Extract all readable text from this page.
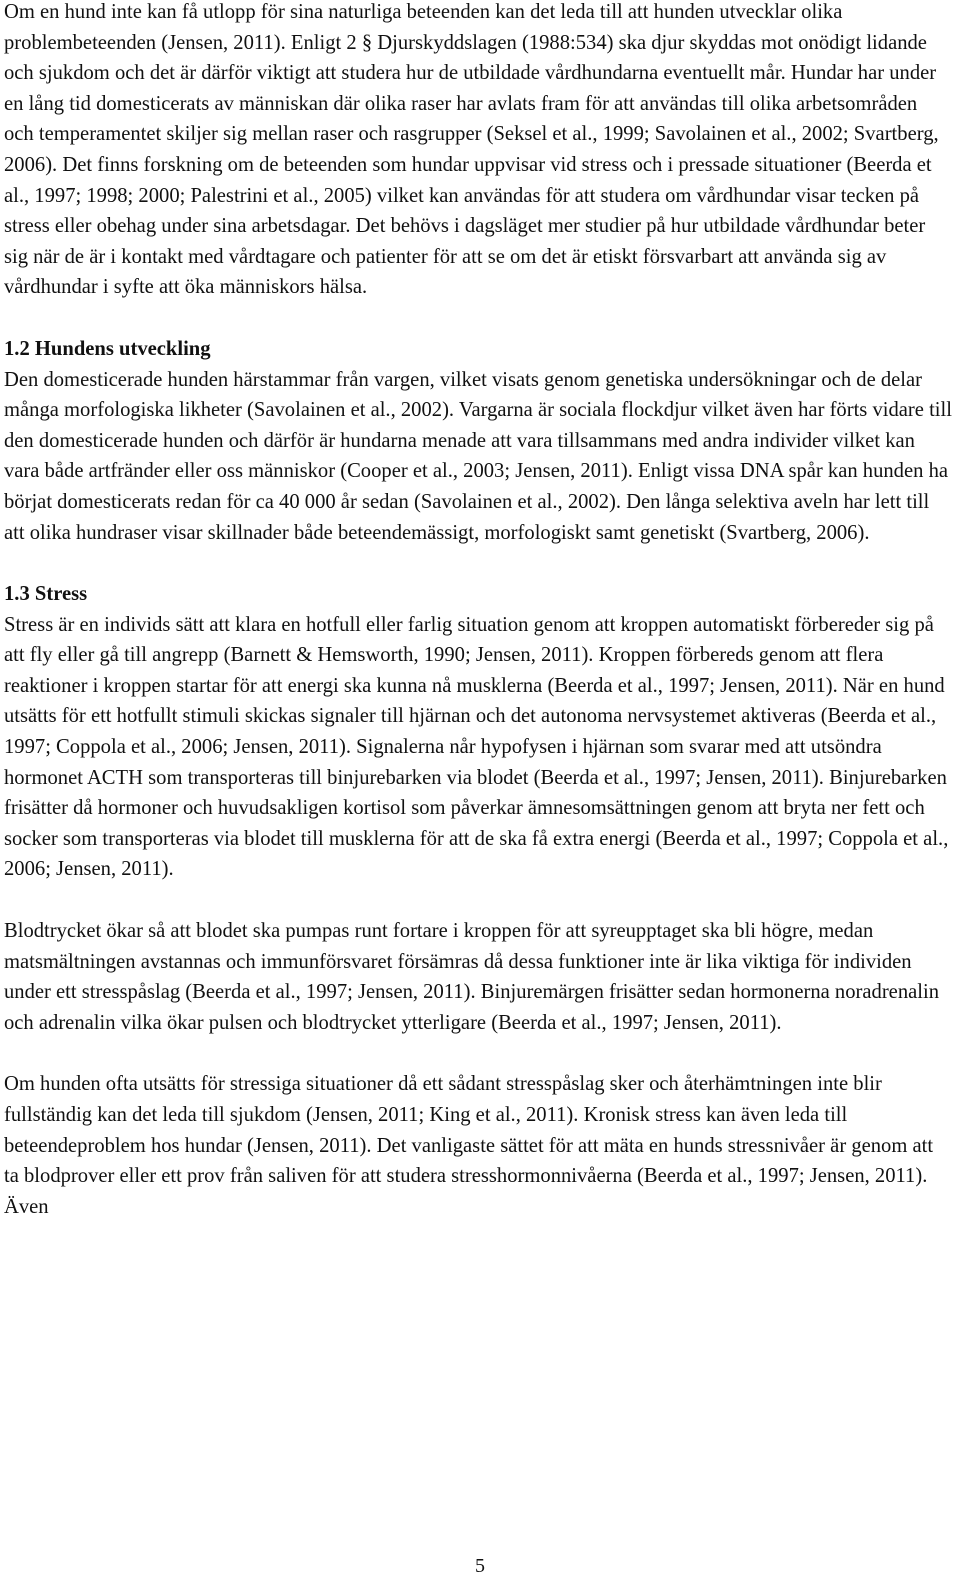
Om en hund inte kan få utlopp för sina naturliga beteenden kan det leda till att hunden utvecklar olika problembeteenden (Jensen, 2011). Enligt 2 § Djurskyddslagen (1988:534) ska djur skyddas mot onödigt lidande och sjukdom och det är därför viktigt att studera hur de utbildade vårdhundarna eventuellt mår. Hundar har under en lång tid domesticerats av människan där olika raser har avlats fram för att användas till olika arbetsområden och temperamentet skiljer sig mellan raser och rasgrupper (Seksel et al., 1999; Savolainen et al., 2002; Svartberg, 2006). Det finns forskning om de beteenden som hundar uppvisar vid stress och i pressade situationer (Beerda et al., 1997; 1998; 2000; Palestrini et al., 2005) vilket kan användas för att studera om vårdhundar visar tecken på stress eller obehag under sina arbetsdagar. Det behövs i dagsläget mer studier på hur utbildade vårdhundar beter sig när de är i kontakt med vårdtagare och patienter för att se om det är etiskt försvarbart att använda sig av vårdhundar i syfte att öka människors hälsa.

1.2 Hundens utveckling

Den domesticerade hunden härstammar från vargen, vilket visats genom genetiska undersökningar och de delar många morfologiska likheter (Savolainen et al., 2002). Vargarna är sociala flockdjur vilket även har förts vidare till den domesticerade hunden och därför är hundarna menade att vara tillsammans med andra individer vilket kan vara både artfränder eller oss människor (Cooper et al., 2003; Jensen, 2011). Enligt vissa DNA spår kan hunden ha börjat domesticerats redan för ca 40 000 år sedan (Savolainen et al., 2002). Den långa selektiva aveln har lett till att olika hundraser visar skillnader både beteendemässigt, morfologiskt samt genetiskt (Svartberg, 2006).

1.3 Stress

Stress är en individs sätt att klara en hotfull eller farlig situation genom att kroppen automatiskt förbereder sig på att fly eller gå till angrepp (Barnett & Hemsworth, 1990; Jensen, 2011). Kroppen förbereds genom att flera reaktioner i kroppen startar för att energi ska kunna nå musklerna (Beerda et al., 1997; Jensen, 2011). När en hund utsätts för ett hotfullt stimuli skickas signaler till hjärnan och det autonoma nervsystemet aktiveras (Beerda et al., 1997; Coppola et al., 2006; Jensen, 2011). Signalerna når hypofysen i hjärnan som svarar med att utsöndra hormonet ACTH som transporteras till binjurebarken via blodet (Beerda et al., 1997; Jensen, 2011). Binjurebarken frisätter då hormoner och huvudsakligen kortisol som påverkar ämnesomsättningen genom att bryta ner fett och socker som transporteras via blodet till musklerna för att de ska få extra energi (Beerda et al., 1997; Coppola et al., 2006; Jensen, 2011).

Blodtrycket ökar så att blodet ska pumpas runt fortare i kroppen för att syreupptaget ska bli högre, medan matsmältningen avstannas och immunförsvaret försämras då dessa funktioner inte är lika viktiga för individen under ett stresspåslag (Beerda et al., 1997; Jensen, 2011). Binjuremärgen frisätter sedan hormonerna noradrenalin och adrenalin vilka ökar pulsen och blodtrycket ytterligare (Beerda et al., 1997; Jensen, 2011).

Om hunden ofta utsätts för stressiga situationer då ett sådant stresspåslag sker och återhämtningen inte blir fullständig kan det leda till sjukdom (Jensen, 2011; King et al., 2011). Kronisk stress kan även leda till beteendeproblem hos hundar (Jensen, 2011). Det vanligaste sättet för att mäta en hunds stressnivåer är genom att ta blodprover eller ett prov från saliven för att studera stresshormonnivåerna (Beerda et al., 1997; Jensen, 2011). Även

5
